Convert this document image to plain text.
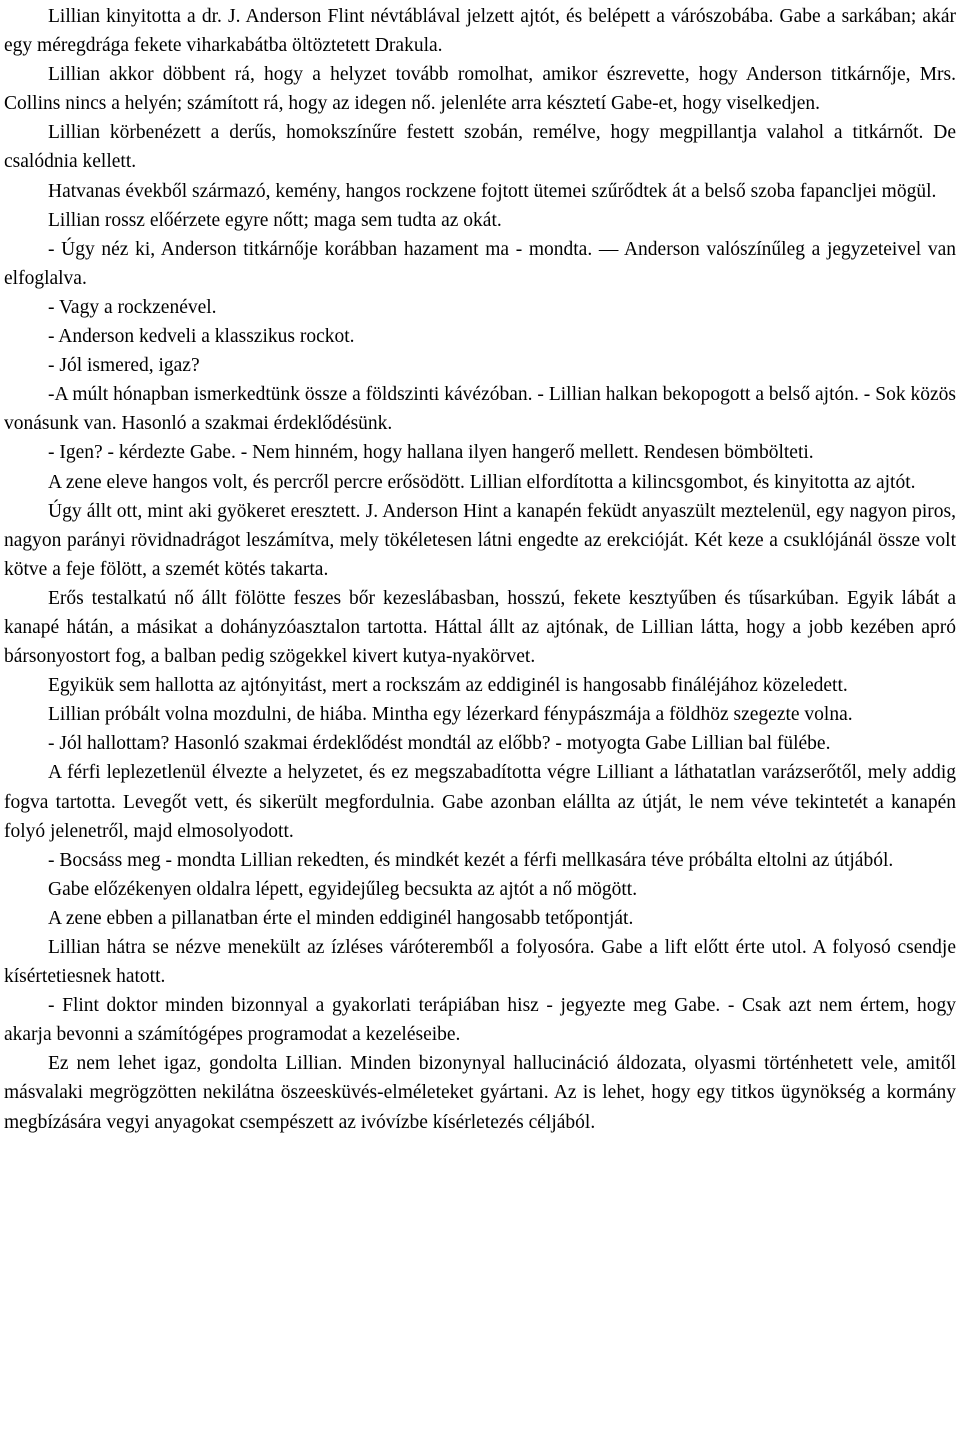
Lillian kinyitotta a dr. J. Anderson Flint névtáblával jelzett ajtót, és belépett a várószobába. Gabe a sarkában; akár egy méregdrága fekete viharkabátba öltöztetett Drakula.

Lillian akkor döbbent rá, hogy a helyzet tovább romolhat, amikor észrevette, hogy Anderson titkárnője, Mrs. Collins nincs a helyén; számított rá, hogy az idegen nő. jelenléte arra késztetí Gabe-et, hogy viselkedjen.

Lillian körbenézett a derűs, homokszínűre festett szobán, remélve, hogy megpillantja valahol a titkárnőt. De csalódnia kellett.

Hatvanas évekből származó, kemény, hangos rockzene fojtott ütemei szűrődtek át a belső szoba fapancljei mögül.

Lillian rossz előérzete egyre nőtt; maga sem tudta az okát.

- Úgy néz ki, Anderson titkárnője korábban hazament ma - mondta. — Anderson valószínűleg a jegyzeteivel van elfoglalva.

- Vagy a rockzenével.

- Anderson kedveli a klasszikus rockot.

- Jól ismered, igaz?

-A múlt hónapban ismerkedtünk össze a földszinti kávézóban. - Lillian halkan bekopogott a belső ajtón. - Sok közös vonásunk van. Hasonló a szakmai érdeklődésünk.

- Igen? - kérdezte Gabe. - Nem hinném, hogy hallana ilyen hangerő mellett. Rendesen bömbölteti.

A zene eleve hangos volt, és percről percre erősödött. Lillian elfordította a kilincsgombot, és kinyitotta az ajtót.

Úgy állt ott, mint aki gyökeret eresztett. J. Anderson Hint a kanapén feküdt anyaszült meztelenül, egy nagyon piros, nagyon parányi rövidnadrágot leszámítva, mely tökéletesen látni engedte az erekcióját. Két keze a csuklójánál össze volt kötve a feje fölött, a szemét kötés takarta.

Erős testalkatú nő állt fölötte feszes bőr kezeslábasban, hosszú, fekete kesztyűben és tűsarkúban. Egyik lábát a kanapé hátán, a másikat a dohányzóasztalon tartotta. Háttal állt az ajtónak, de Lillian látta, hogy a jobb kezében apró bársonyostort fog, a balban pedig szögekkel kivert kutya-nyakörvet.

Egyikük sem hallotta az ajtónyitást, mert a rockszám az eddiginél is hangosabb fináléjához közeledett.

Lillian próbált volna mozdulni, de hiába. Mintha egy lézerkard fénypászmája a földhöz szegezte volna.

- Jól hallottam? Hasonló szakmai érdeklődést mondtál az előbb? - motyogta Gabe Lillian bal fülébe.

A férfi leplezetlenül élvezte a helyzetet, és ez megszabadította végre Lilliant a láthatatlan varázserőtől, mely addig fogva tartotta. Levegőt vett, és sikerült megfordulnia. Gabe azonban elállta az útját, le nem véve tekintetét a kanapén folyó jelenetről, majd elmosolyodott.

- Bocsáss meg - mondta Lillian rekedten, és mindkét kezét a férfi mellkasára téve próbálta eltolni az útjából.

Gabe előzékenyen oldalra lépett, egyidejűleg becsukta az ajtót a nő mögött.

A zene ebben a pillanatban érte el minden eddiginél hangosabb tetőpontját.

Lillian hátra se nézve menekült az ízléses váróteremből a folyosóra. Gabe a lift előtt érte utol. A folyosó csendje kísértetiesnek hatott.

- Flint doktor minden bizonnyal a gyakorlati terápiában hisz - jegyezte meg Gabe. - Csak azt nem értem, hogy akarja bevonni a számítógépes programodat a kezeléseibe.

Ez nem lehet igaz, gondolta Lillian. Minden bizonynyal hallucináció áldozata, olyasmi történhetett vele, amitől másvalaki megrögzötten nekilátna öszeesküvés-elméleteket gyártani. Az is lehet, hogy egy titkos ügynökség a kormány megbízására vegyi anyagokat csempészett az ivóvízbe kísérletezés céljából.
